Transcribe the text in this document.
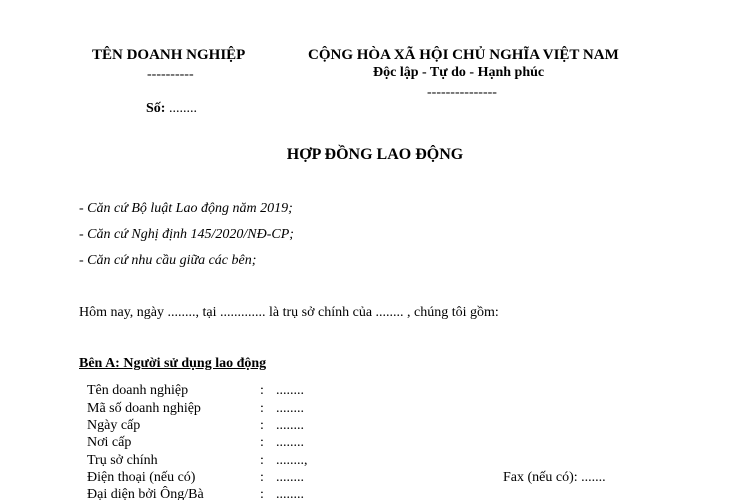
TÊN DOANH NGHIỆP
----------
Số: ........
CỘNG HÒA XÃ HỘI CHỦ NGHĨA VIỆT NAM
Độc lập - Tự do - Hạnh phúc
---------------
HỢP ĐỒNG LAO ĐỘNG
- Căn cứ Bộ luật Lao động năm 2019;
- Căn cứ Nghị định 145/2020/NĐ-CP;
- Căn cứ nhu cầu giữa các bên;
Hôm nay, ngày ........, tại ............. là trụ sở chính của ........ , chúng tôi gồm:
Bên A: Người sử dụng lao động
Tên doanh nghiệp	: ........
Mã số doanh nghiệp	: ........
Ngày cấp	: ........
Nơi cấp	: ........
Trụ sở chính	: ........,
Điện thoại (nếu có)	: ........	Fax (nếu có): .......
Đại diện bởi Ông/Bà	: ........
